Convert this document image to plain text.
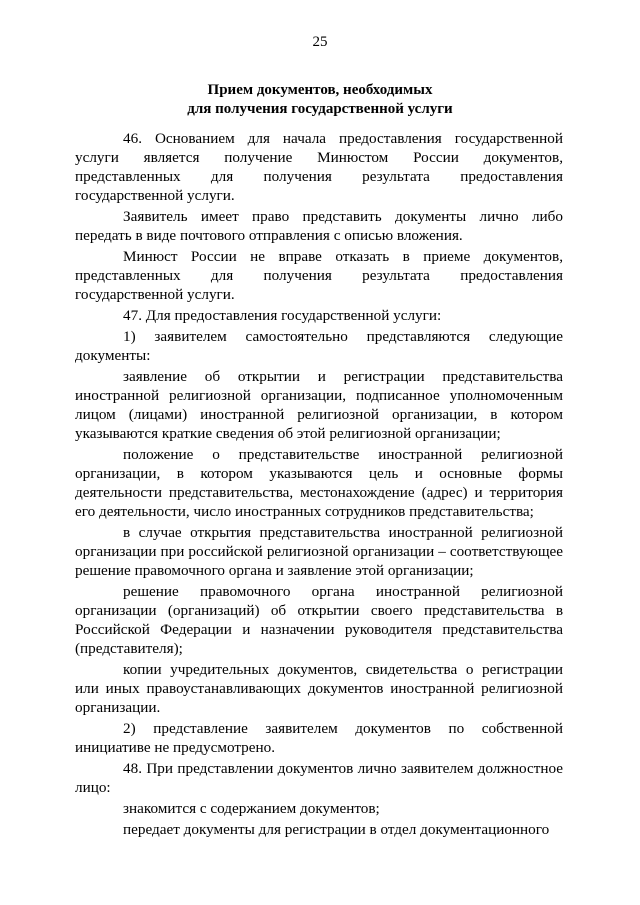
25
Прием документов, необходимых
для получения государственной услуги

46. Основанием для начала предоставления государственной услуги является получение Минюстом России документов, представленных для получения результата предоставления государственной услуги.

Заявитель имеет право представить документы лично либо передать в виде почтового отправления с описью вложения.

Минюст России не вправе отказать в приеме документов, представленных для получения результата предоставления государственной услуги.

47. Для предоставления государственной услуги:

1) заявителем самостоятельно представляются следующие документы:

заявление об открытии и регистрации представительства иностранной религиозной организации, подписанное уполномоченным лицом (лицами) иностранной религиозной организации, в котором указываются краткие сведения об этой религиозной организации;

положение о представительстве иностранной религиозной организации, в котором указываются цель и основные формы деятельности представительства, местонахождение (адрес) и территория его деятельности, число иностранных сотрудников представительства;

в случае открытия представительства иностранной религиозной организации при российской религиозной организации – соответствующее решение правомочного органа и заявление этой организации;

решение правомочного органа иностранной религиозной организации (организаций) об открытии своего представительства в Российской Федерации и назначении руководителя представительства (представителя);

копии учредительных документов, свидетельства о регистрации или иных правоустанавливающих документов иностранной религиозной организации.

2) представление заявителем документов по собственной инициативе не предусмотрено.

48. При представлении документов лично заявителем должностное лицо:

знакомится с содержанием документов;

передает документы для регистрации в отдел документационного
